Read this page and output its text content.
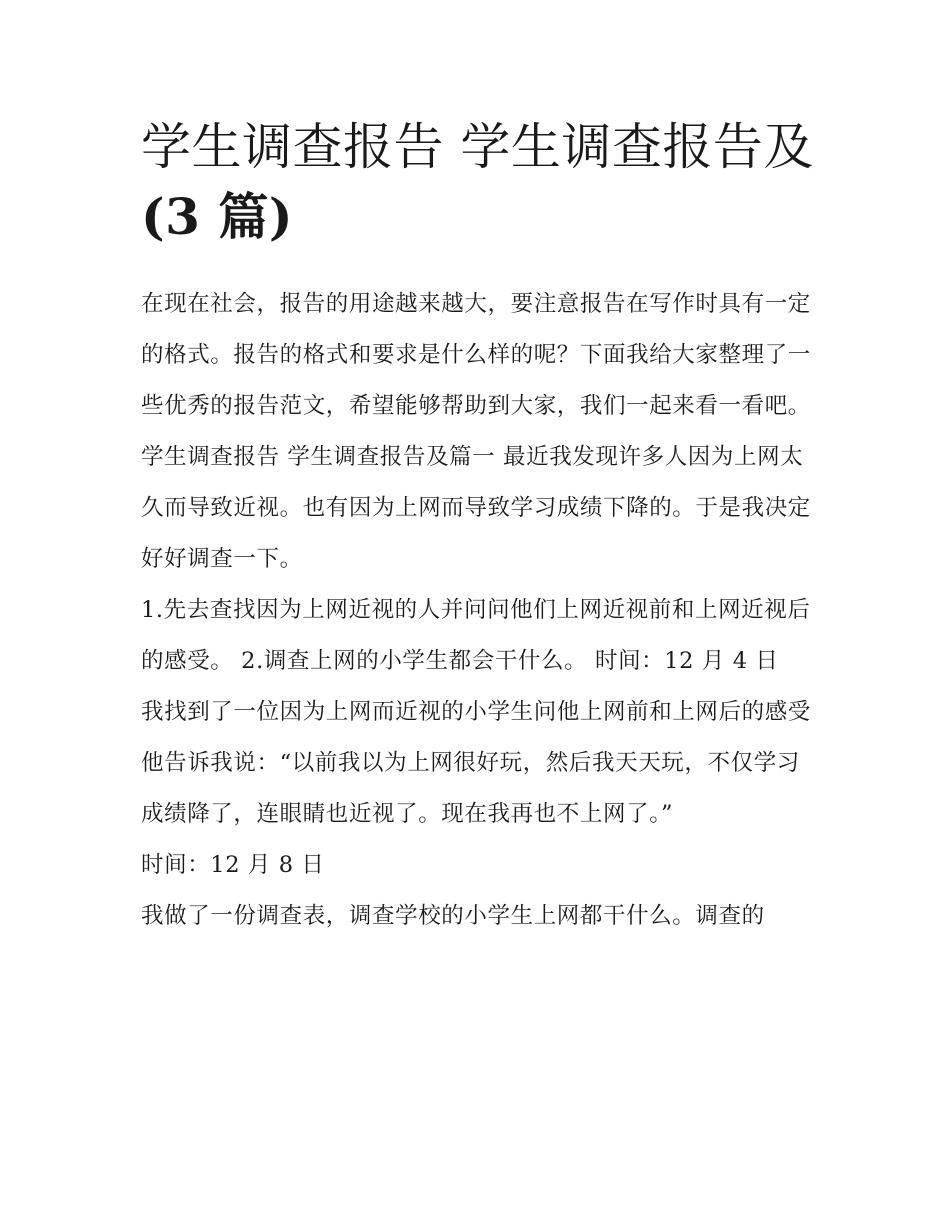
学生调查报告 学生调查报告及
(3 篇)

在现在社会，报告的用途越来越大，要注意报告在写作时具有一定的格式。报告的格式和要求是什么样的呢？下面我给大家整理了一些优秀的报告范文，希望能够帮助到大家，我们一起来看一看吧。

学生调查报告 学生调查报告及篇一 最近我发现许多人因为上网太久而导致近视。也有因为上网而导致学习成绩下降的。于是我决定好好调查一下。

1.先去查找因为上网近视的人并问问他们上网近视前和上网近视后的感受。 2.调查上网的小学生都会干什么。 时间：12 月 4 日

我找到了一位因为上网而近视的小学生问他上网前和上网后的感受他告诉我说：“以前我以为上网很好玩，然后我天天玩，不仅学习成绩降了，连眼睛也近视了。现在我再也不上网了。”

时间：12 月 8 日

我做了一份调查表，调查学校的小学生上网都干什么。调查的
